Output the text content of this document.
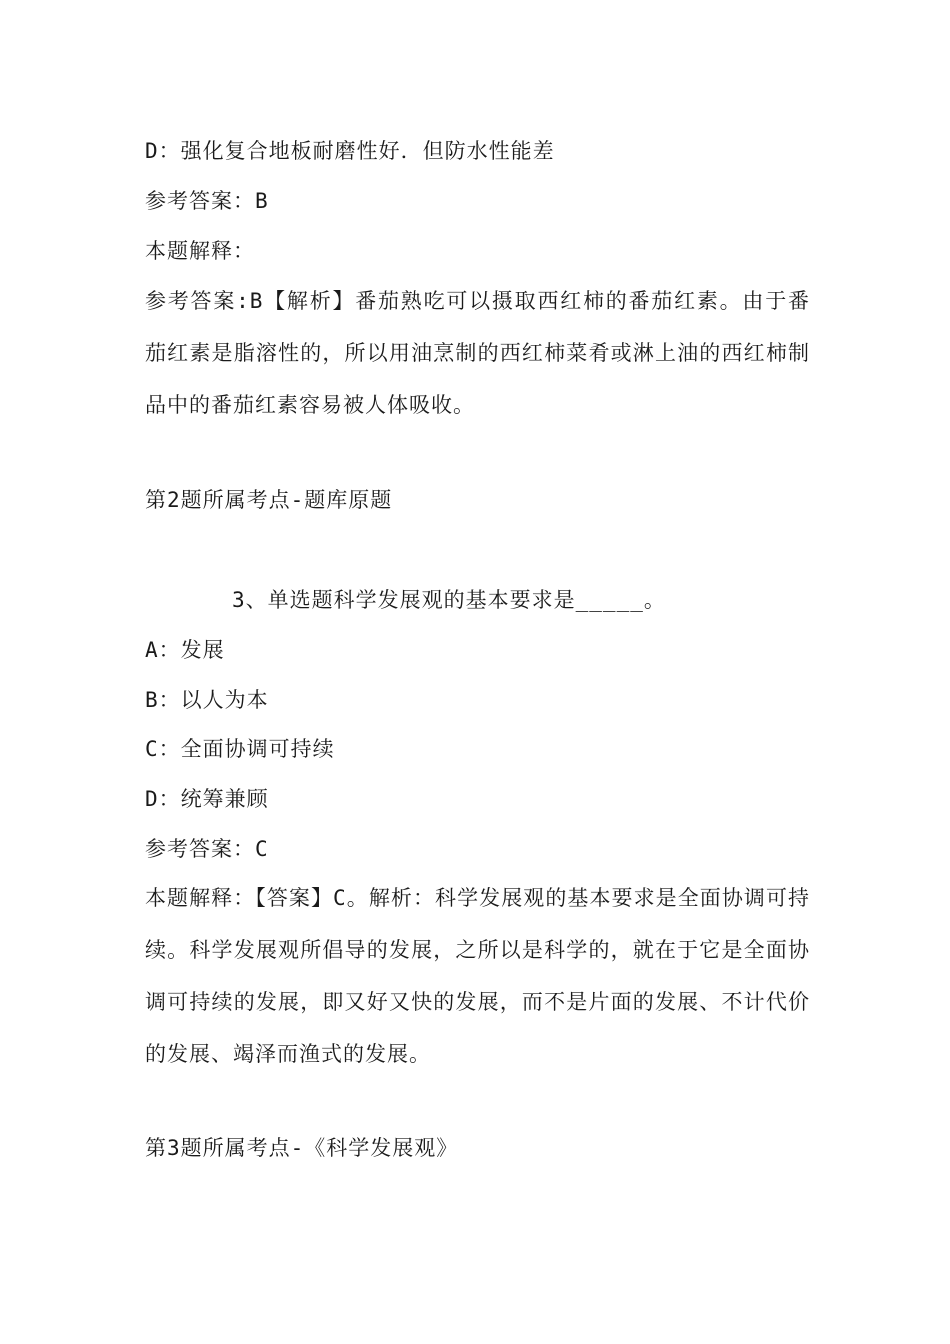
D：强化复合地板耐磨性好．但防水性能差
参考答案：B
本题解释：
参考答案:B【解析】番茄熟吃可以摄取西红柿的番茄红素。由于番茄红素是脂溶性的，所以用油烹制的西红柿菜肴或淋上油的西红柿制品中的番茄红素容易被人体吸收。
第2题所属考点-题库原题
3、单选题科学发展观的基本要求是_____。
A：发展
B：以人为本
C：全面协调可持续
D：统筹兼顾
参考答案：C
本题解释：【答案】C。解析：科学发展观的基本要求是全面协调可持续。科学发展观所倡导的发展，之所以是科学的，就在于它是全面协调可持续的发展，即又好又快的发展，而不是片面的发展、不计代价的发展、竭泽而渔式的发展。
第3题所属考点-《科学发展观》
